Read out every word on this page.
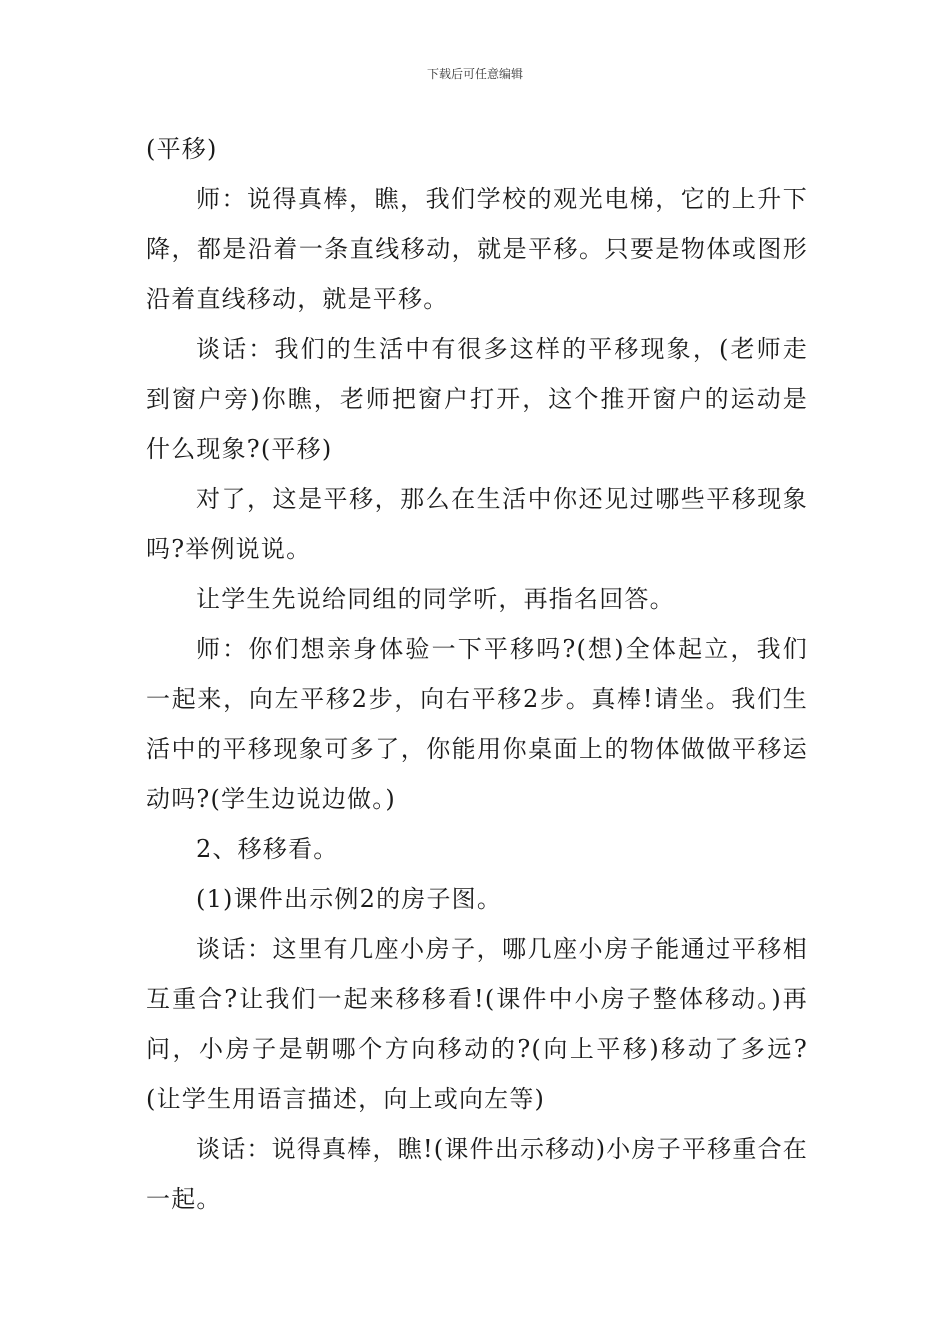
下载后可任意编辑

(平移)

师：说得真棒，瞧，我们学校的观光电梯，它的上升下降，都是沿着一条直线移动，就是平移。只要是物体或图形沿着直线移动，就是平移。

谈话：我们的生活中有很多这样的平移现象，(老师走到窗户旁)你瞧，老师把窗户打开，这个推开窗户的运动是什么现象?(平移)

对了，这是平移，那么在生活中你还见过哪些平移现象吗?举例说说。

让学生先说给同组的同学听，再指名回答。

师：你们想亲身体验一下平移吗?(想)全体起立，我们一起来，向左平移2步，向右平移2步。真棒!请坐。我们生活中的平移现象可多了，你能用你桌面上的物体做做平移运动吗?(学生边说边做。)

2、移移看。

(1)课件出示例2的房子图。

谈话：这里有几座小房子，哪几座小房子能通过平移相互重合?让我们一起来移移看!(课件中小房子整体移动。)再问，小房子是朝哪个方向移动的?(向上平移)移动了多远?(让学生用语言描述，向上或向左等)

谈话：说得真棒，瞧!(课件出示移动)小房子平移重合在一起。
